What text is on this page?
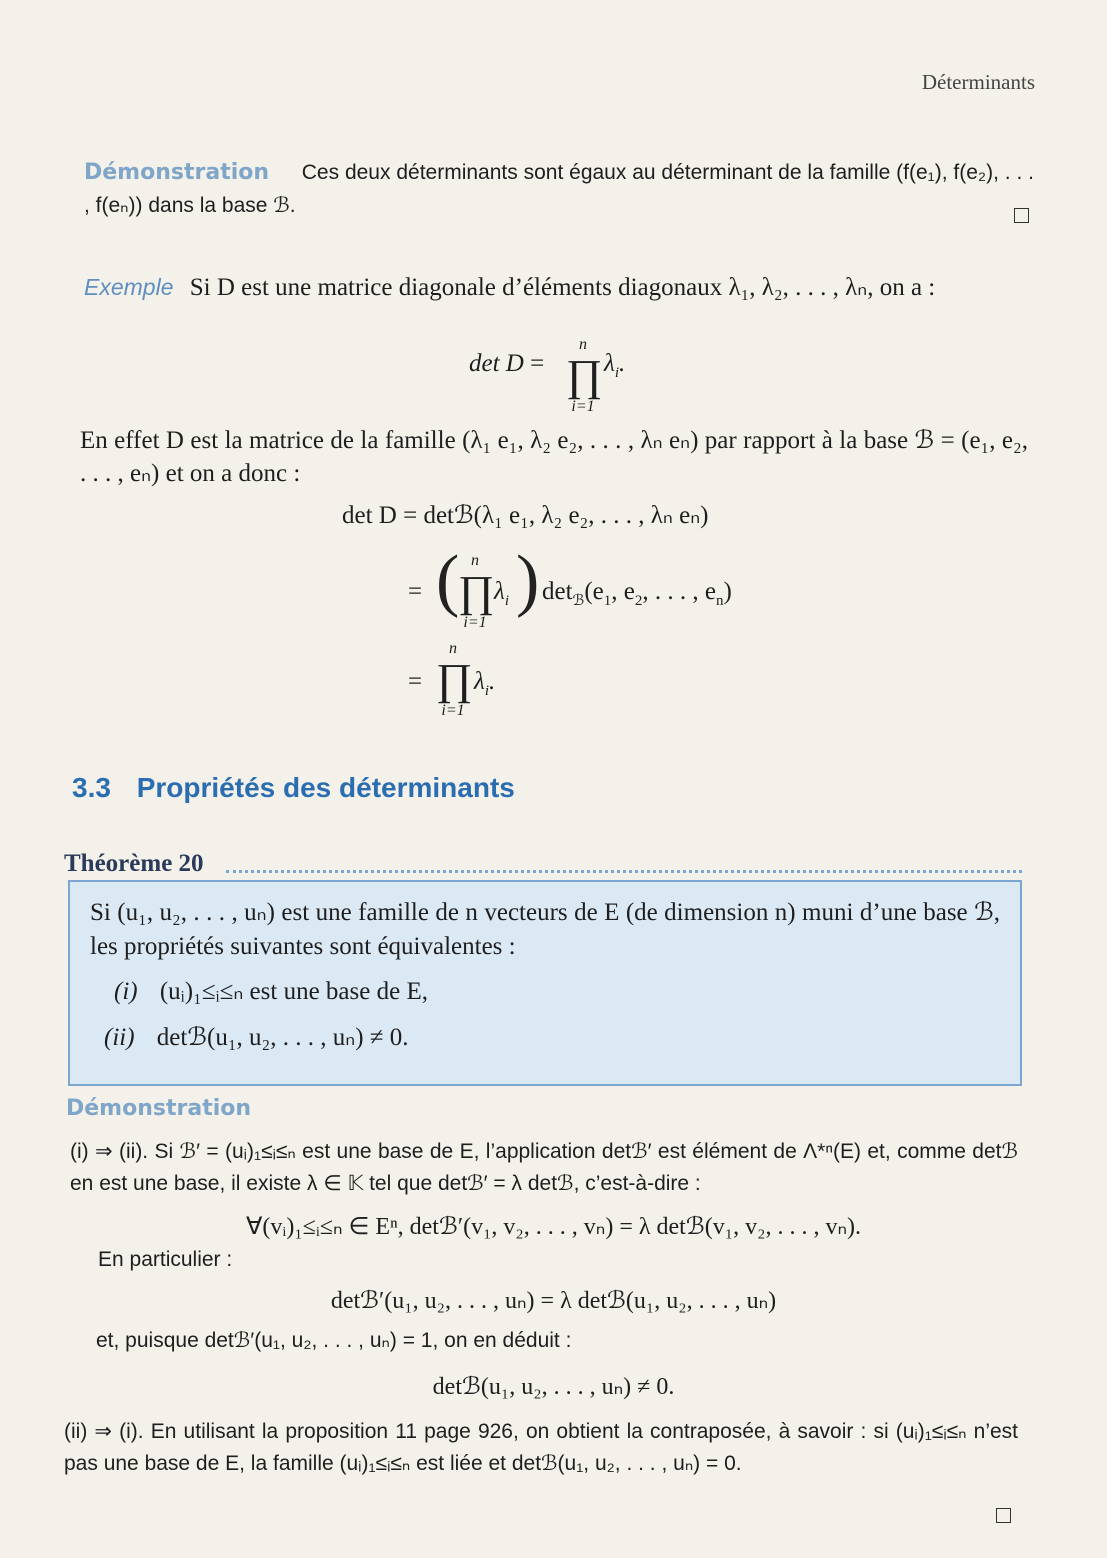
Déterminants
Démonstration Ces deux déterminants sont égaux au déterminant de la famille (f(e₁), f(e₂), . . . , f(eₙ)) dans la base ℬ.
Exemple Si D est une matrice diagonale d’éléments diagonaux λ₁, λ₂, . . . , λₙ, on a :
det D =
n
∏
i=1
$\lambda_i$.
En effet D est la matrice de la famille (λ₁ e₁, λ₂ e₂, . . . , λₙ eₙ) par rapport à la base ℬ = (e₁, e₂, . . . , eₙ) et on a donc :
det D = detℬ(λ₁ e₁, λ₂ e₂, . . . , λₙ eₙ)
= ( n
∏
i=1
$\lambda_i$ ) $\det_ℬ(e_1$, $e_2$, . . . , $e_n$)
=
n
∏
i=1
$\lambda_i$.
3.3 Propriétés des déterminants
Théorème 20
Si (u₁, u₂, . . . , uₙ) est une famille de n vecteurs de E (de dimension n) muni d’une base ℬ, les propriétés suivantes sont équivalentes :
(i) (uᵢ)₁≤ᵢ≤ₙ est une base de E,
(ii) detℬ(u₁, u₂, . . . , uₙ) ≠ 0.
Démonstration
(i) ⇒ (ii). Si ℬ′ = (uᵢ)₁≤ᵢ≤ₙ est une base de E, l’application detℬ′ est élément de Λ*ⁿ(E) et, comme detℬ en est une base, il existe λ ∈ 𝕂 tel que detℬ′ = λ detℬ, c’est-à-dire :
∀(vᵢ)₁≤ᵢ≤ₙ ∈ Eⁿ, detℬ′(v₁, v₂, . . . , vₙ) = λ detℬ(v₁, v₂, . . . , vₙ).
En particulier :
detℬ′(u₁, u₂, . . . , uₙ) = λ detℬ(u₁, u₂, . . . , uₙ)
et, puisque detℬ′(u₁, u₂, . . . , uₙ) = 1, on en déduit :
detℬ(u₁, u₂, . . . , uₙ) ≠ 0.
(ii) ⇒ (i). En utilisant la proposition 11 page 926, on obtient la contraposée, à savoir : si (uᵢ)₁≤ᵢ≤ₙ n’est pas une base de E, la famille (uᵢ)₁≤ᵢ≤ₙ est liée et detℬ(u₁, u₂, . . . , uₙ) = 0.
